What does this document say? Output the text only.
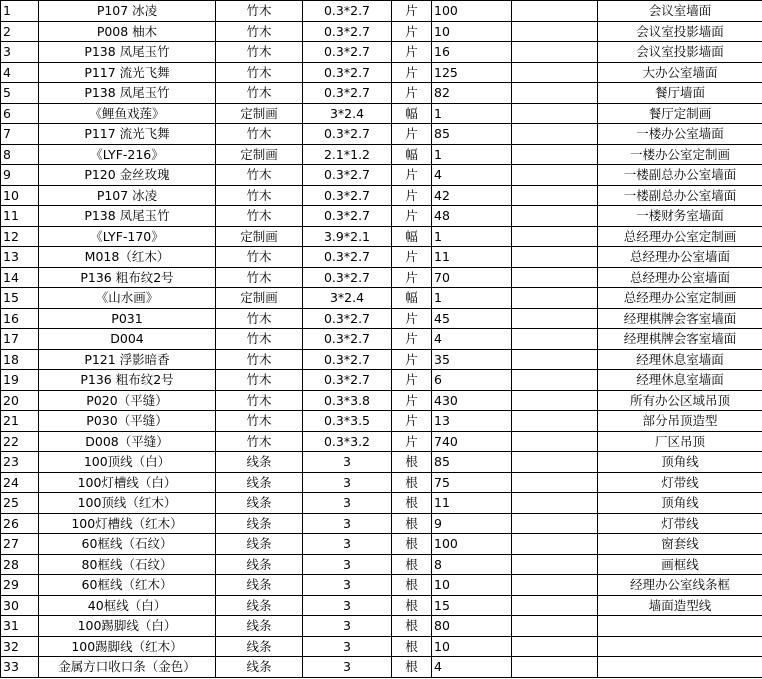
1	P107 冰凌	竹木	0.3*2.7	片	100		会议室墙面
2	P008 柚木	竹木	0.3*2.7	片	10		会议室投影墙面
3	P138 凤尾玉竹	竹木	0.3*2.7	片	16		会议室投影墙面
4	P117 流光飞舞	竹木	0.3*2.7	片	125		大办公室墙面
5	P138 凤尾玉竹	竹木	0.3*2.7	片	82		餐厅墙面
6	《鲤鱼戏莲》	定制画	3*2.4	幅	1		餐厅定制画
7	P117 流光飞舞	竹木	0.3*2.7	片	85		一楼办公室墙面
8	《LYF-216》	定制画	2.1*1.2	幅	1		一楼办公室定制画
9	P120 金丝玫瑰	竹木	0.3*2.7	片	4		一楼副总办公室墙面
10	P107 冰凌	竹木	0.3*2.7	片	42		一楼副总办公室墙面
11	P138 凤尾玉竹	竹木	0.3*2.7	片	48		一楼财务室墙面
12	《LYF-170》	定制画	3.9*2.1	幅	1		总经理办公室定制画
13	M018（红木）	竹木	0.3*2.7	片	11		总经理办公室墙面
14	P136 粗布纹2号	竹木	0.3*2.7	片	70		总经理办公室墙面
15	《山水画》	定制画	3*2.4	幅	1		总经理办公室定制画
16	P031	竹木	0.3*2.7	片	45		经理棋牌会客室墙面
17	D004	竹木	0.3*2.7	片	4		经理棋牌会客室墙面
18	P121 浮影暗香	竹木	0.3*2.7	片	35		经理休息室墙面
19	P136 粗布纹2号	竹木	0.3*2.7	片	6		经理休息室墙面
20	P020（平缝）	竹木	0.3*3.8	片	430		所有办公区域吊顶
21	P030（平缝）	竹木	0.3*3.5	片	13		部分吊顶造型
22	D008（平缝）	竹木	0.3*3.2	片	740		厂区吊顶
23	100顶线（白）	线条	3	根	85		顶角线
24	100灯槽线（白）	线条	3	根	75		灯带线
25	100顶线（红木）	线条	3	根	11		顶角线
26	100灯槽线（红木）	线条	3	根	9		灯带线
27	60框线（石纹）	线条	3	根	100		窗套线
28	80框线（石纹）	线条	3	根	8		画框线
29	60框线（红木）	线条	3	根	10		经理办公室线条框
30	40框线（白）	线条	3	根	15		墙面造型线
31	100踢脚线（白）	线条	3	根	80		
32	100踢脚线（红木）	线条	3	根	10		
33	金属方口收口条（金色）	线条	3	根	4		
